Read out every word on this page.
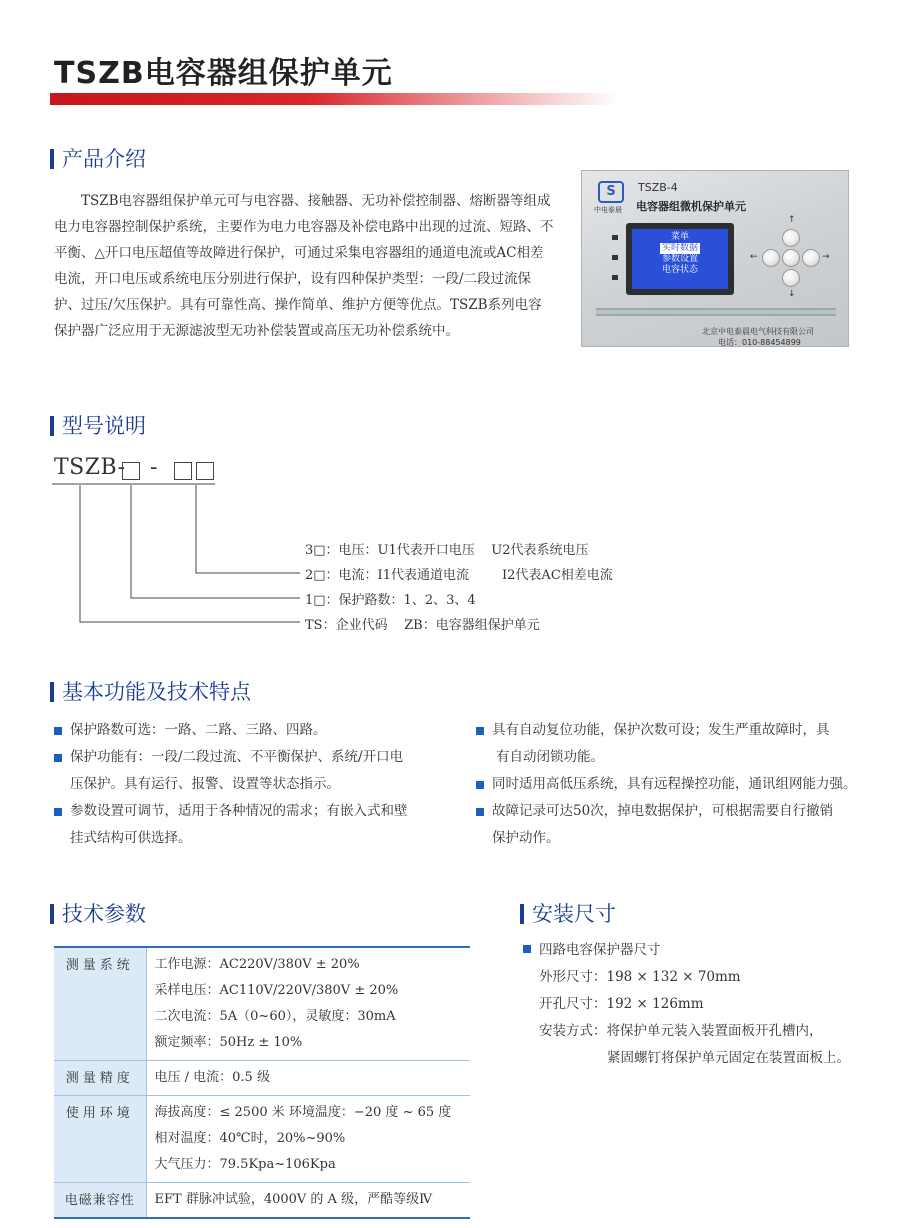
TSZB电容器组保护单元
产品介绍
TSZB电容器组保护单元可与电容器、接触器、无功补偿控制器、熔断器等组成电力电容器控制保护系统，主要作为电力电容器及补偿电路中出现的过流、短路、不平衡、△开口电压超值等故障进行保护，可通过采集电容器组的通道电流或AC相差电流，开口电压或系统电压分别进行保护，设有四种保护类型：一段/二段过流保护、过压/欠压保护。具有可靠性高、操作简单、维护方便等优点。TSZB系列电容保护器广泛应用于无源滤波型无功补偿装置或高压无功补偿系统中。
S
中电泰晨
TSZB-4
电容器组微机保护单元
菜单
实时数据
参数设置
电容状态
↑
↓
←	→
北京中电泰晨电气科技有限公司
电话：010-88454899
型号说明
TSZB- -
3□：电压：U1代表开口电压    U2代表系统电压
2□：电流：I1代表通道电流        I2代表AC相差电流
1□：保护路数：1、2、3、4
TS：企业代码    ZB：电容器组保护单元
基本功能及技术特点
保护路数可选：一路、二路、三路、四路。
保护功能有：一段/二段过流、不平衡保护、系统/开口电
压保护。具有运行、报警、设置等状态指示。
参数设置可调节，适用于各种情况的需求；有嵌入式和壁
挂式结构可供选择。
具有自动复位功能，保护次数可设；发生严重故障时，具
有自动闭锁功能。
同时适用高低压系统，具有远程操控功能，通讯组网能力强。
故障记录可达50次，掉电数据保护，可根据需要自行撤销
保护动作。
技术参数
测量系统	工作电源：AC220V/380V ± 20%
采样电压：AC110V/220V/380V ± 20%
二次电流：5A（0~60），灵敏度：30mA
额定频率：50Hz ± 10%

测量精度	电压 / 电流：0.5 级

使用环境	海拔高度：≤ 2500 米 环境温度：−20 度 ~ 65 度
相对温度：40℃时，20%~90%
大气压力：79.5Kpa~106Kpa

电磁兼容性	EFT 群脉冲试验，4000V 的 A 级，严酷等级Ⅳ
安装尺寸
四路电容保护器尺寸
外形尺寸：198 × 132 × 70mm
开孔尺寸：192 × 126mm
安装方式：将保护单元装入装置面板开孔槽内，
紧固螺钉将保护单元固定在装置面板上。
